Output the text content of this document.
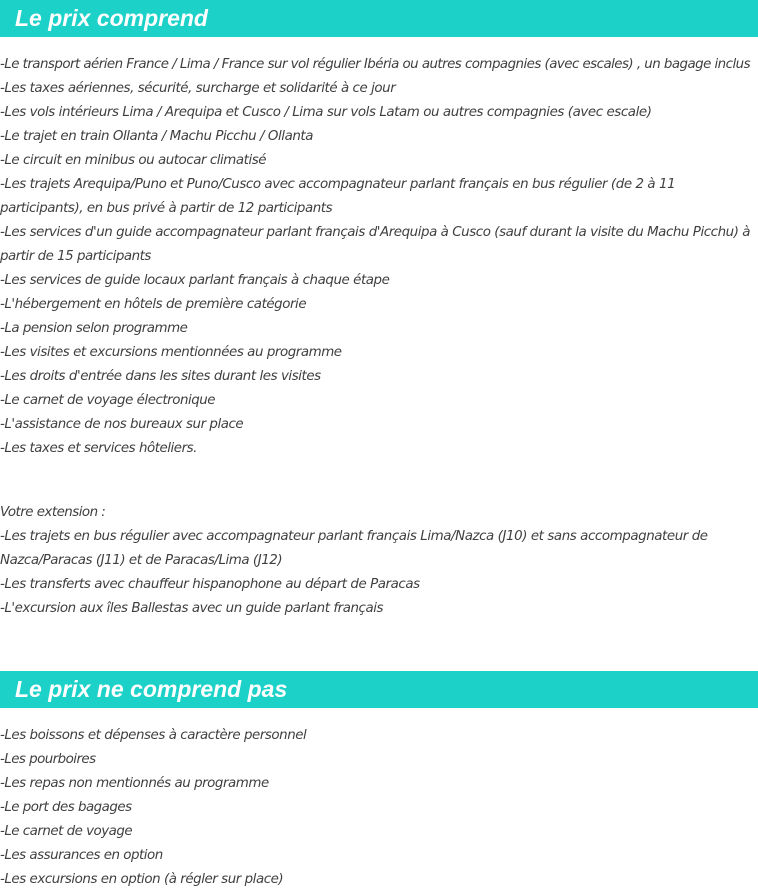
Le prix comprend
-Le transport aérien France / Lima / France sur vol régulier Ibéria ou autres compagnies (avec escales) , un bagage inclus
-Les taxes aériennes, sécurité, surcharge et solidarité à ce jour
-Les vols intérieurs Lima / Arequipa et Cusco / Lima sur vols Latam ou autres compagnies (avec escale)
-Le trajet en train Ollanta / Machu Picchu / Ollanta
-Le circuit en minibus ou autocar climatisé
-Les trajets Arequipa/Puno et Puno/Cusco avec accompagnateur parlant français en bus régulier (de 2 à 11
participants), en bus privé à partir de 12 participants
-Les services d'un guide accompagnateur parlant français d'Arequipa à Cusco (sauf durant la visite du Machu Picchu) à
partir de 15 participants
-Les services de guide locaux parlant français à chaque étape
-L'hébergement en hôtels de première catégorie
-La pension selon programme
-Les visites et excursions mentionnées au programme
-Les droits d'entrée dans les sites durant les visites
-Le carnet de voyage électronique
-L'assistance de nos bureaux sur place
-Les taxes et services hôteliers.
Votre extension :
-Les trajets en bus régulier avec accompagnateur parlant français Lima/Nazca (J10) et sans accompagnateur de
Nazca/Paracas (J11) et de Paracas/Lima (J12)
-Les transferts avec chauffeur hispanophone au départ de Paracas
-L'excursion aux îles Ballestas avec un guide parlant français
Le prix ne comprend pas
-Les boissons et dépenses à caractère personnel
-Les pourboires
-Les repas non mentionnés au programme
-Le port des bagages
-Le carnet de voyage
-Les assurances en option
-Les excursions en option (à régler sur place)
